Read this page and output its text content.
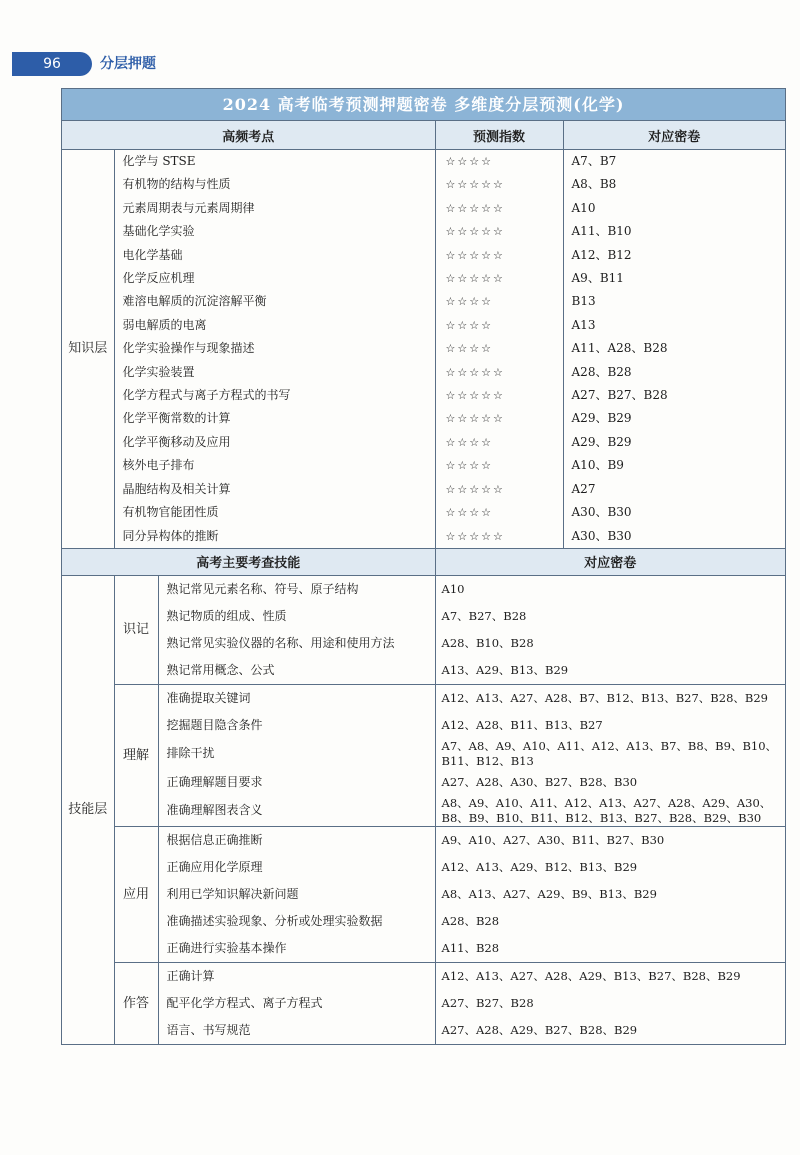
96	分层押题
2024 高考临考预测押题密卷 多维度分层预测(化学)
高频考点		预测指数	对应密卷
知识层	化学与 STSE	☆☆☆☆	A7、B7
	有机物的结构与性质	☆☆☆☆☆	A8、B8
	元素周期表与元素周期律	☆☆☆☆☆	A10
	基础化学实验	☆☆☆☆☆	A11、B10
	电化学基础	☆☆☆☆☆	A12、B12
	化学反应机理	☆☆☆☆☆	A9、B11
	难溶电解质的沉淀溶解平衡	☆☆☆☆	B13
	弱电解质的电离	☆☆☆☆	A13
	化学实验操作与现象描述	☆☆☆☆	A11、A28、B28
	化学实验装置	☆☆☆☆☆	A28、B28
	化学方程式与离子方程式的书写	☆☆☆☆☆	A27、B27、B28
	化学平衡常数的计算	☆☆☆☆☆	A29、B29
	化学平衡移动及应用	☆☆☆☆	A29、B29
	核外电子排布	☆☆☆☆	A10、B9
	晶胞结构及相关计算	☆☆☆☆☆	A27
	有机物官能团性质	☆☆☆☆	A30、B30
	同分异构体的推断	☆☆☆☆☆	A30、B30
高考主要考查技能			对应密卷
技能层	识记	熟记常见元素名称、符号、原子结构	A10
		熟记物质的组成、性质	A7、B27、B28
		熟记常见实验仪器的名称、用途和使用方法	A28、B10、B28
		熟记常用概念、公式	A13、A29、B13、B29
	理解	准确提取关键词	A12、A13、A27、A28、B7、B12、B13、B27、B28、B29
		挖掘题目隐含条件	A12、A28、B11、B13、B27
		排除干扰	A7、A8、A9、A10、A11、A12、A13、B7、B8、B9、B10、B11、B12、B13
		正确理解题目要求	A27、A28、A30、B27、B28、B30
		准确理解图表含义	A8、A9、A10、A11、A12、A13、A27、A28、A29、A30、B8、B9、B10、B11、B12、B13、B27、B28、B29、B30
	应用	根据信息正确推断	A9、A10、A27、A30、B11、B27、B30
		正确应用化学原理	A12、A13、A29、B12、B13、B29
		利用已学知识解决新问题	A8、A13、A27、A29、B9、B13、B29
		准确描述实验现象、分析或处理实验数据	A28、B28
		正确进行实验基本操作	A11、B28
	作答	正确计算	A12、A13、A27、A28、A29、B13、B27、B28、B29
		配平化学方程式、离子方程式	A27、B27、B28
		语言、书写规范	A27、A28、A29、B27、B28、B29
